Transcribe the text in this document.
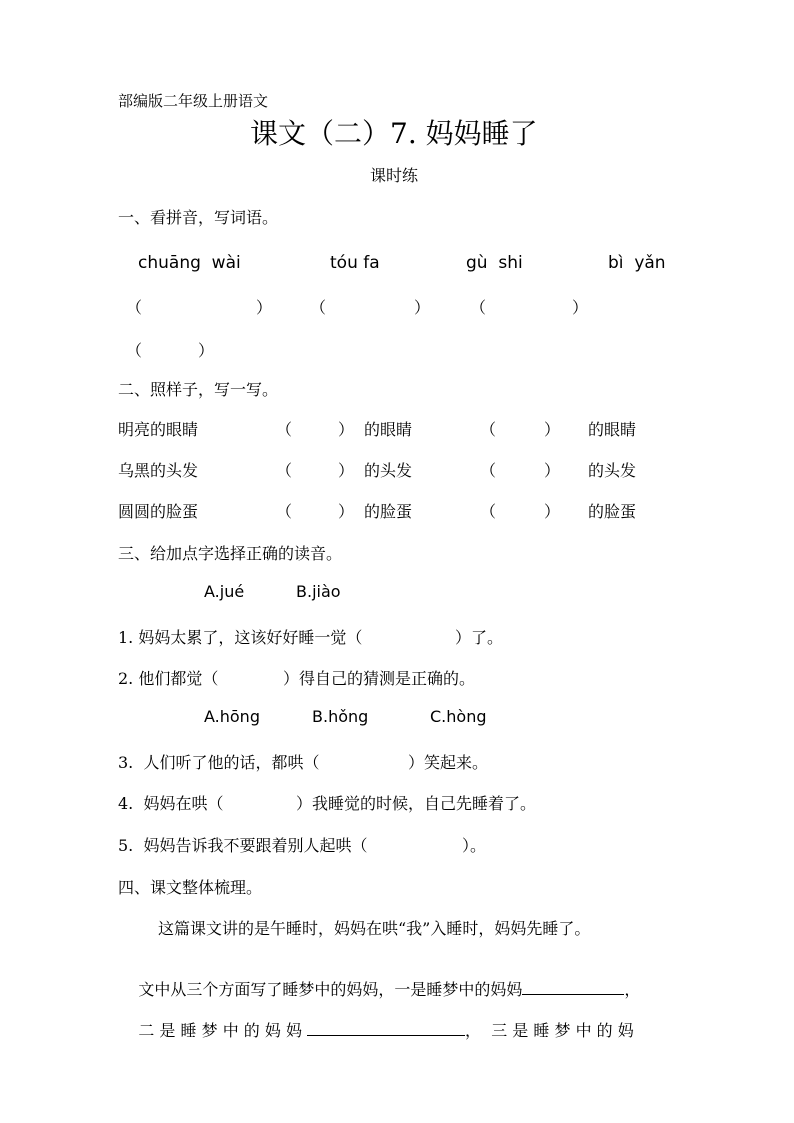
部编版二年级上册语文
课文（二）7. 妈妈睡了
课时练
一、看拼音，写词语。
chuāng  wài	tóu fa	gù  shi	bì  yǎn
（	） （	） （	）
（	）
二、照样子，写一写。
明亮的眼睛	（	） 的眼睛	（	） 的眼睛
乌黑的头发	（	） 的头发	（	） 的头发
圆圆的脸蛋	（	） 的脸蛋	（	） 的脸蛋
三、给加点字选择正确的读音。
A.jué	B.jiào
1. 妈妈太累了，这该好好睡一觉（	）了。
2. 他们都觉（	）得自己的猜测是正确的。
A.hōng	B.hǒng	C.hòng
3.  人们听了他的话，都哄（	）笑起来。
4.  妈妈在哄（	）我睡觉的时候，自己先睡着了。
5.  妈妈告诉我不要跟着别人起哄（	）。
四、课文整体梳理。
这篇课文讲的是午睡时，妈妈在哄“我”入睡时，妈妈先睡了。

文中从三个方面写了睡梦中的妈妈，一是睡梦中的妈妈	，

二 是 睡 梦 中 的 妈 妈	，  三 是 睡 梦 中 的 妈
